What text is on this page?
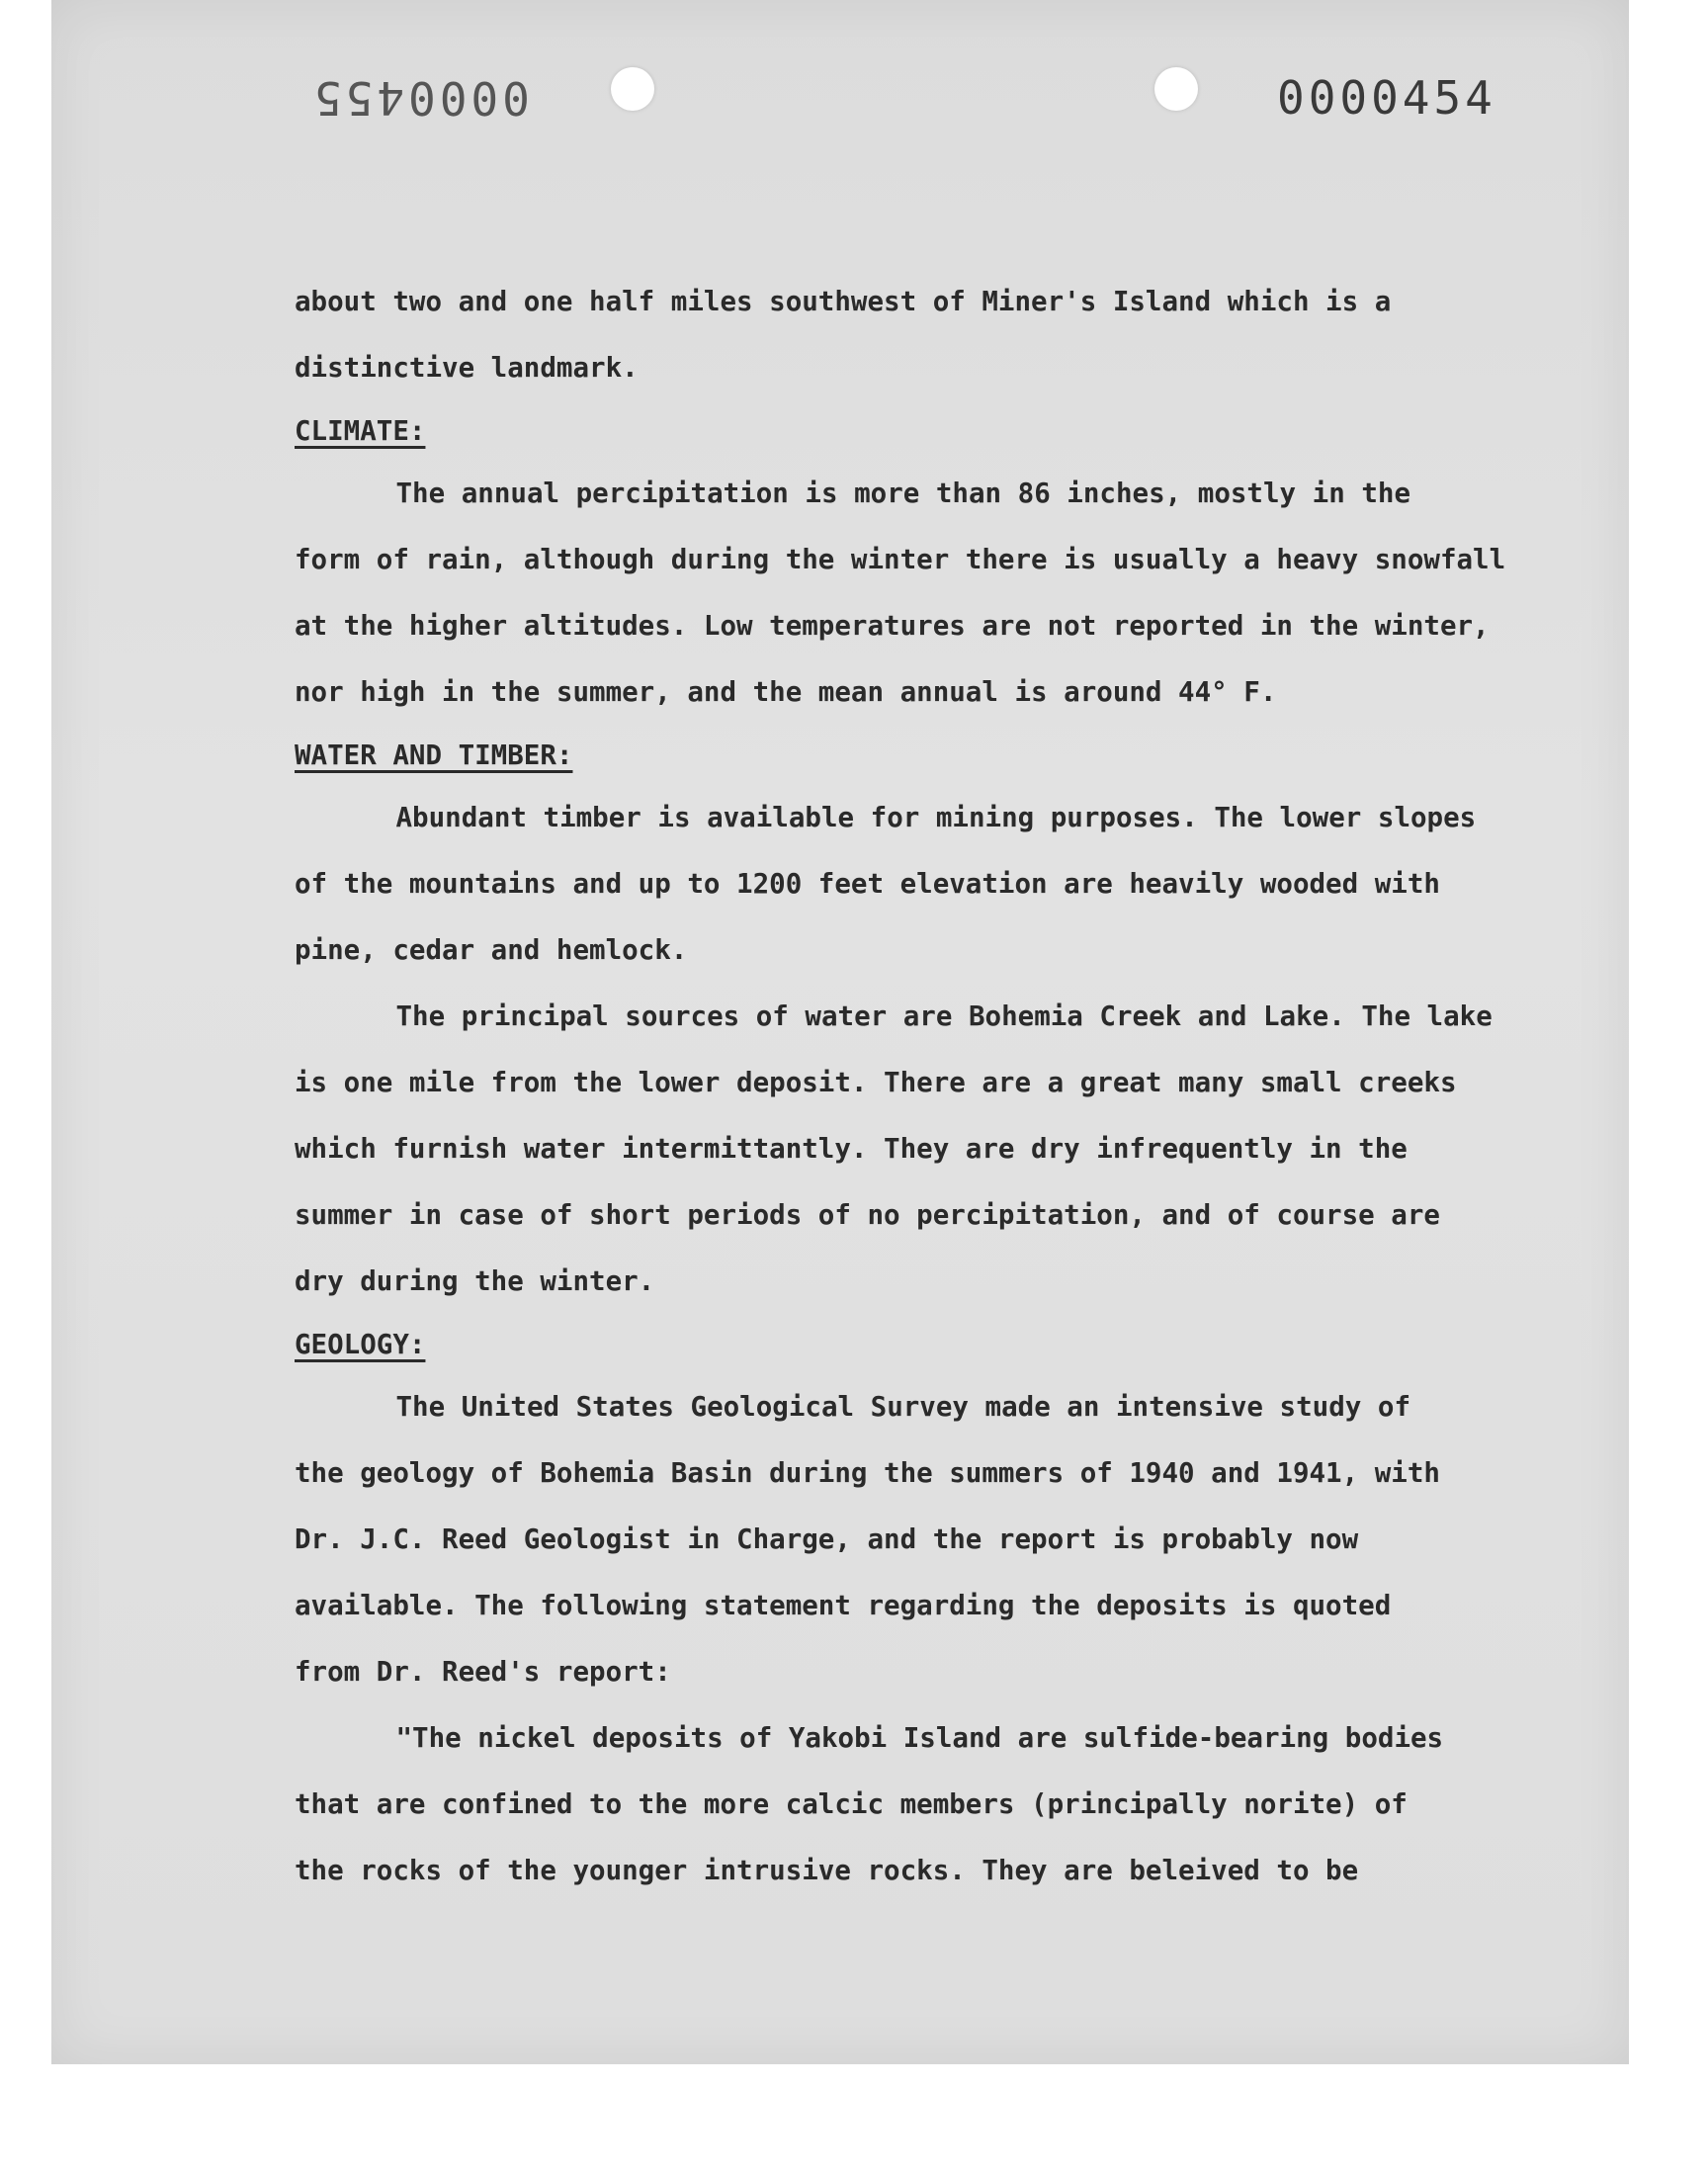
0000455	0000454
about two and one half miles southwest of Miner's Island which is a
distinctive landmark.
CLIMATE:
The annual percipitation is more than 86 inches, mostly in the
form of rain, although during the winter there is usually a heavy snowfall
at the higher altitudes. Low temperatures are not reported in the winter,
nor high in the summer, and the mean annual is around 44° F.
WATER AND TIMBER:
Abundant timber is available for mining purposes. The lower slopes
of the mountains and up to 1200 feet elevation are heavily wooded with
pine, cedar and hemlock.
The principal sources of water are Bohemia Creek and Lake. The lake
is one mile from the lower deposit. There are a great many small creeks
which furnish water intermittantly. They are dry infrequently in the
summer in case of short periods of no percipitation, and of course are
dry during the winter.
GEOLOGY:
The United States Geological Survey made an intensive study of
the geology of Bohemia Basin during the summers of 1940 and 1941, with
Dr. J.C. Reed Geologist in Charge, and the report is probably now
available. The following statement regarding the deposits is quoted
from Dr. Reed's report:
"The nickel deposits of Yakobi Island are sulfide-bearing bodies
that are confined to the more calcic members (principally norite) of
the rocks of the younger intrusive rocks. They are beleived to be
